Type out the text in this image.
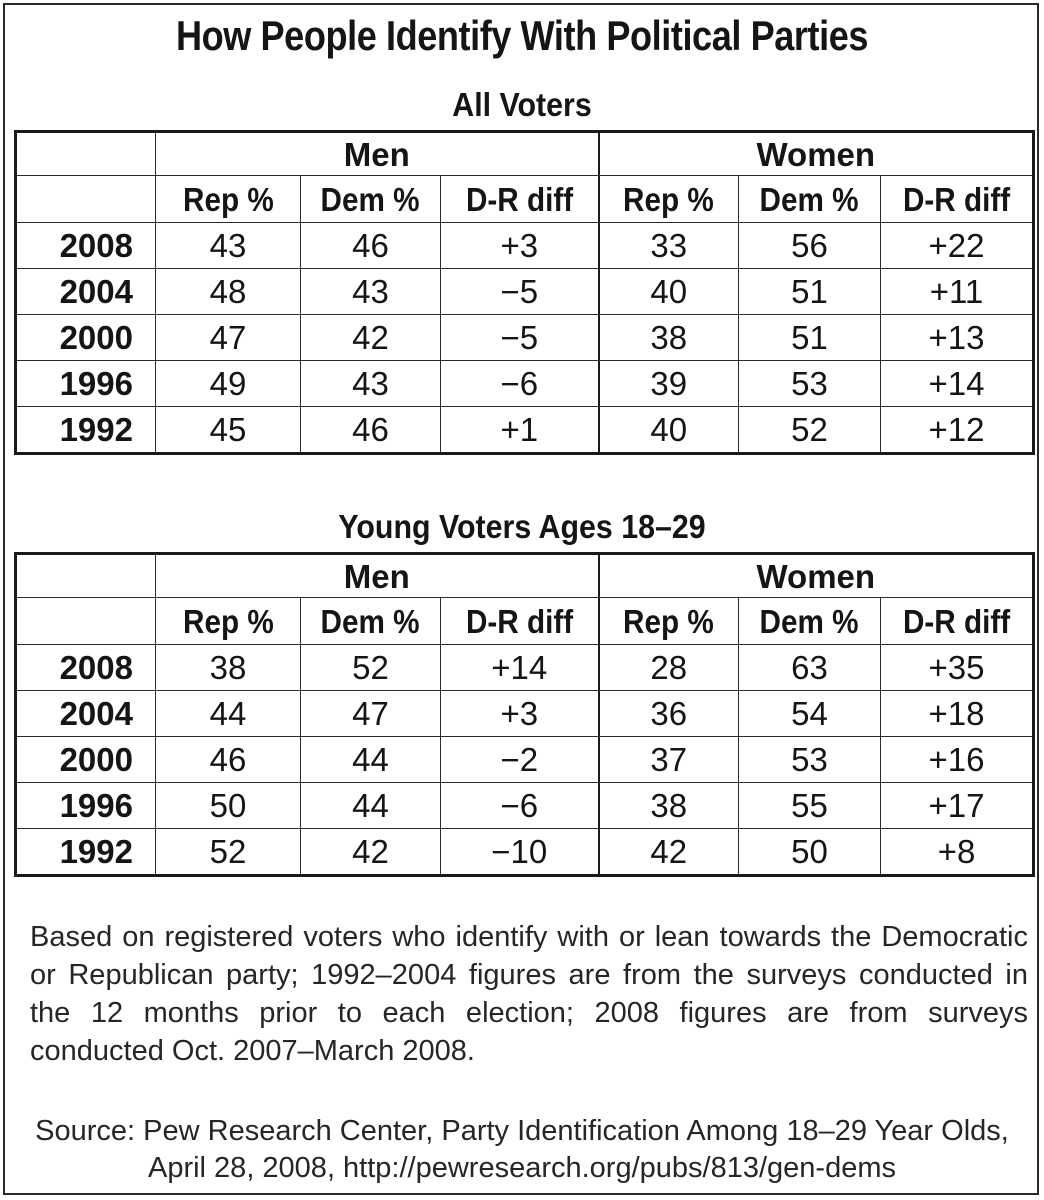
How People Identify With Political Parties
All Voters
	Men			Women		
	Rep %	Dem %	D-R diff	Rep %	Dem %	D-R diff
2008	43	46	+3	33	56	+22
2004	48	43	−5	40	51	+11
2000	47	42	−5	38	51	+13
1996	49	43	−6	39	53	+14
1992	45	46	+1	40	52	+12
Young Voters Ages 18–29
	Men			Women		
	Rep %	Dem %	D-R diff	Rep %	Dem %	D-R diff
2008	38	52	+14	28	63	+35
2004	44	47	+3	36	54	+18
2000	46	44	−2	37	53	+16
1996	50	44	−6	38	55	+17
1992	52	42	−10	42	50	+8
Based on registered voters who identify with or lean towards the Democratic or Republican party; 1992–2004 figures are from the surveys conducted in the 12 months prior to each election; 2008 figures are from surveys conducted Oct. 2007–March 2008.
Source: Pew Research Center, Party Identification Among 18–29 Year Olds,
April 28, 2008, http://pewresearch.org/pubs/813/gen-dems
